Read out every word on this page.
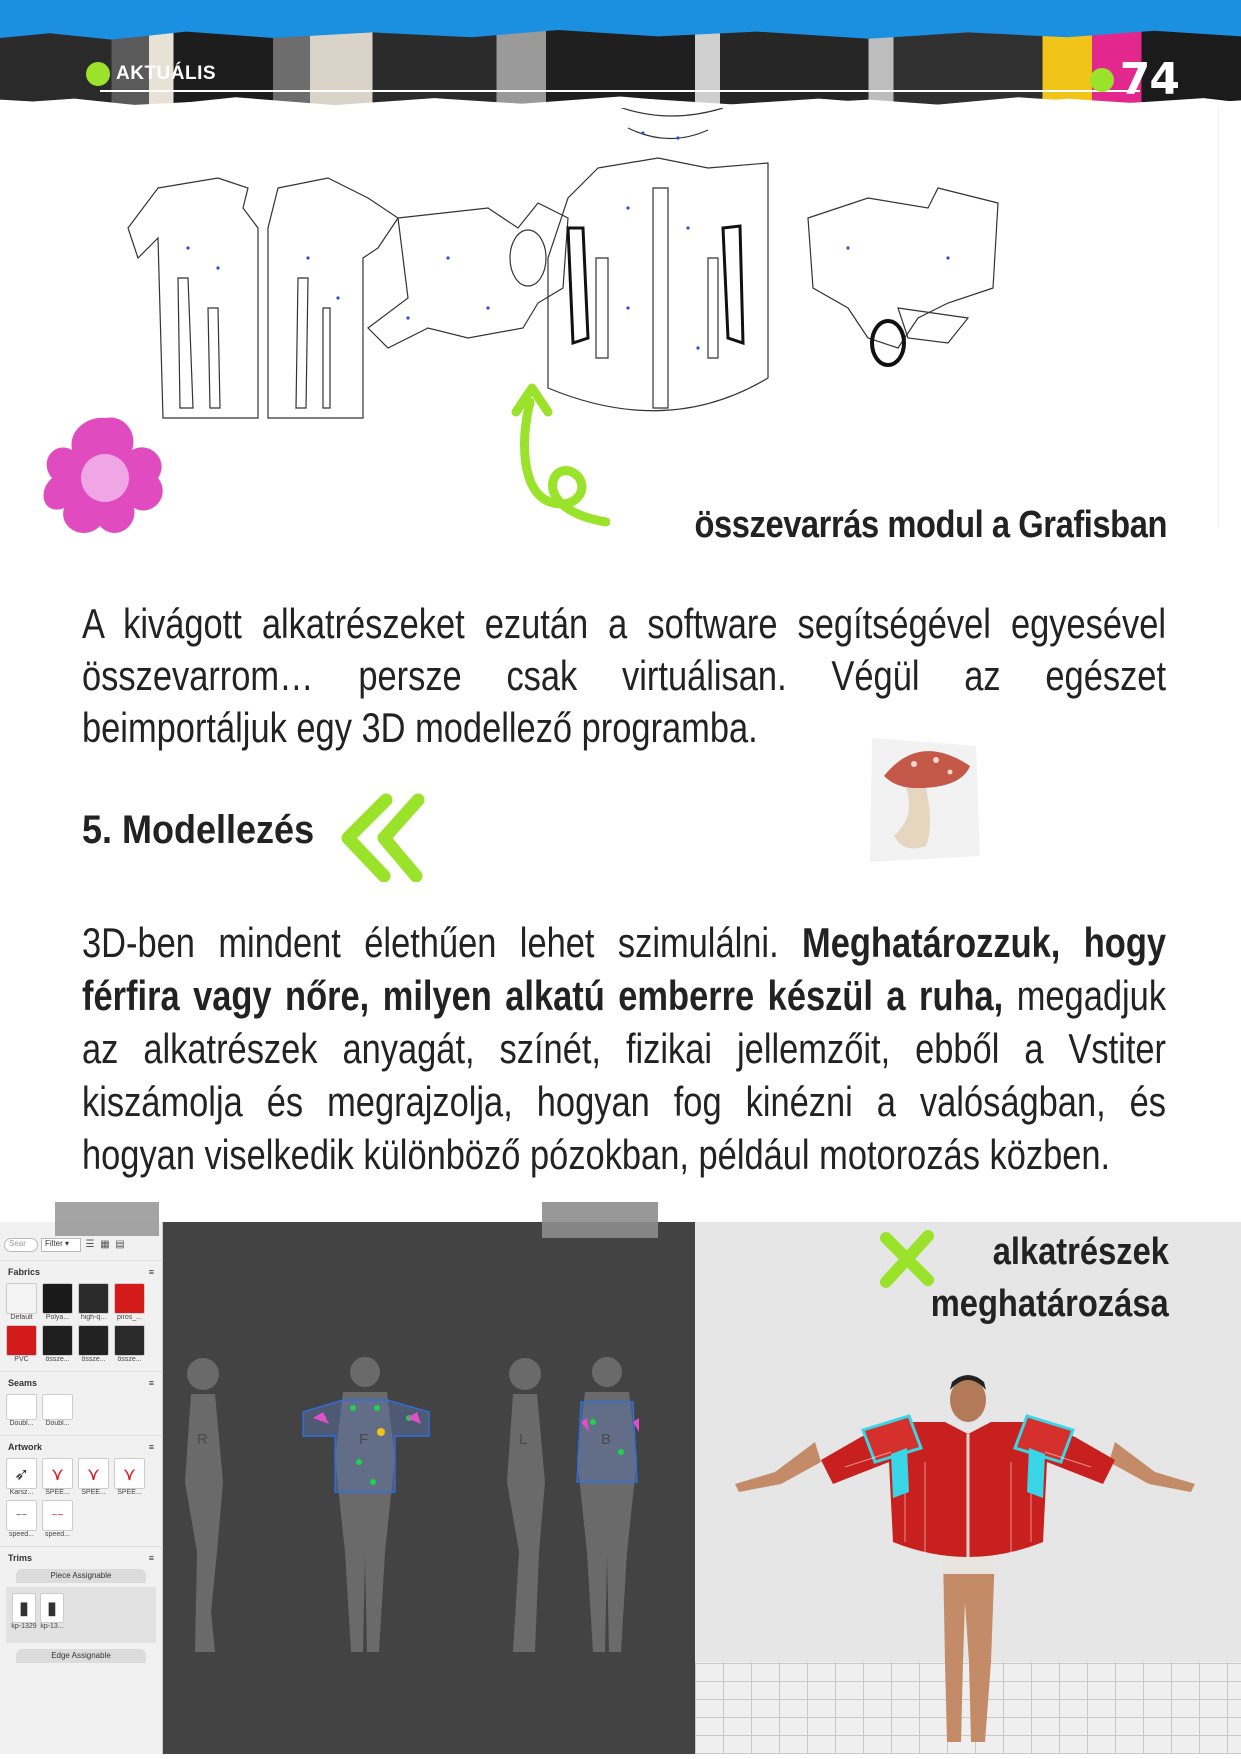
AKTUÁLIS	74
összevarrás modul a Grafisban
A kivágott alkatrészeket ezután a software segítségével egyesével összevarrom… persze csak virtuálisan. Végül az egészet beimportáljuk egy 3D modellező programba.
5. Modellezés
3D-ben mindent élethűen lehet szimulálni. Meghatározzuk, hogy férfira vagy nőre, milyen alkatú emberre készül a ruha, megadjuk az alkatrészek anyagát, színét, fizikai jellemzőit, ebből a Vstiter kiszámolja és megrajzolja, hogyan fog kinézni a valóságban, és hogyan viselkedik különböző pózokban, például motorozás közben.
Sear	Filter ▾	☰ ▦ ▤
Fabrics	≡
Default	Polya...	high-q...	piros_...
PVC	össze...	össze...	össze...
Seams	≡
Doubl...	Doubl...
Artwork	≡
➶
Karsz...
⋎
SPEE...
⋎
SPEE...
⋎
SPEE...
~~
speed...
~~
speed...
Trims	≡
Piece Assignable
▮
kp-1329
▮
kp-13...
Edge Assignable
R	F	L	B
alkatrészek
meghatározása
